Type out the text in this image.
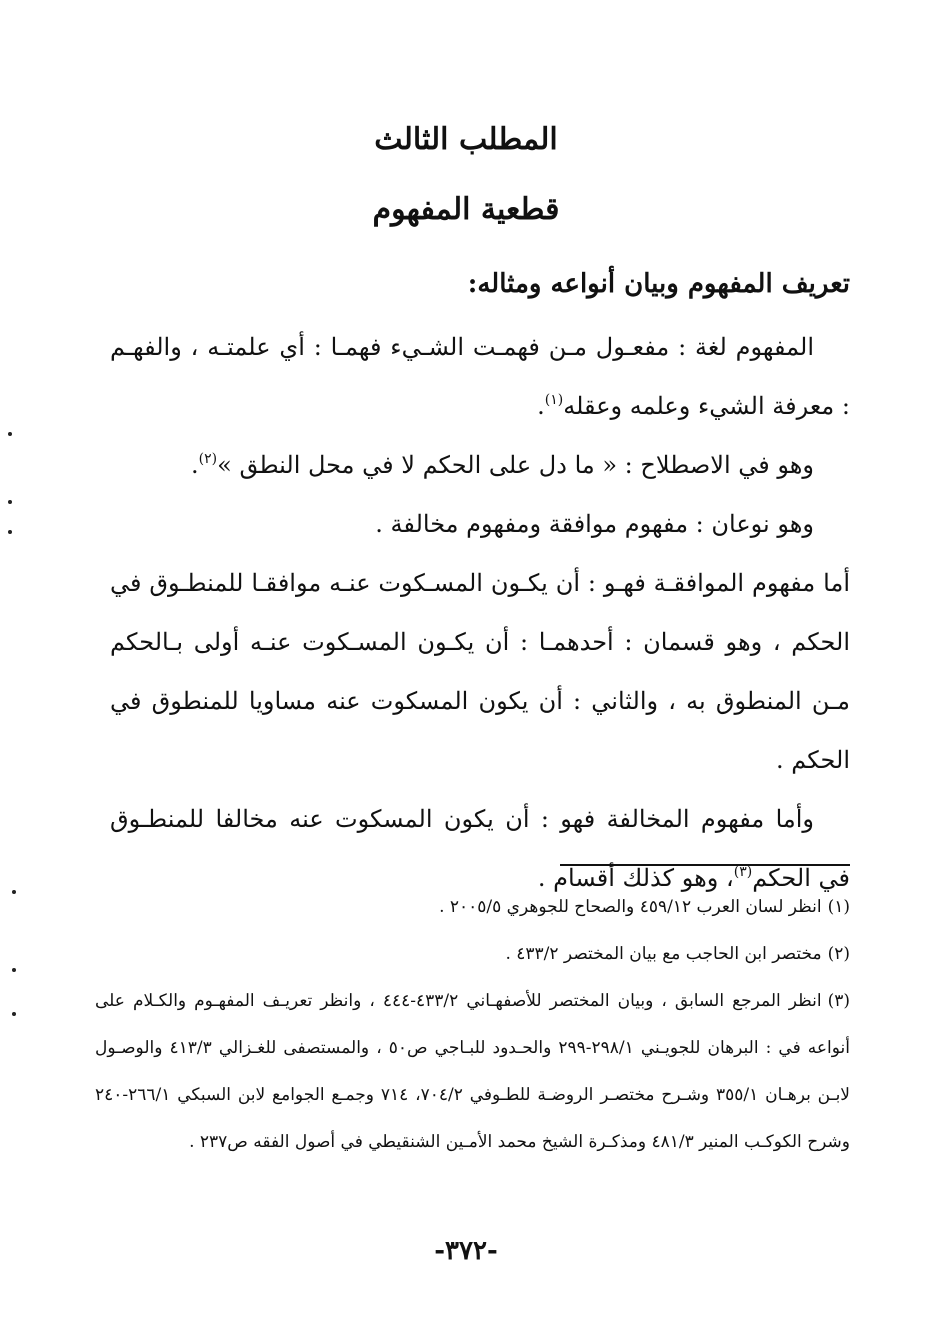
المطلب الثالث
قطعية المفهوم
تعريف المفهوم وبيان أنواعه ومثاله:

المفهوم لغة : مفعـول مـن فهمـت الشـيء فهمـا : أي علمتـه ، والفهـم : معرفة الشيء وعلمه وعقله$^{(١)}$.

وهو في الاصطلاح : « ما دل على الحكم لا في محل النطق »$^{(٢)}$.

وهو نوعان : مفهوم موافقة ومفهوم مخالفة .

أما مفهوم الموافقـة فهـو : أن يكـون المسـكوت عنـه موافقـا للمنطـوق في الحكم ، وهو قسمان : أحدهمـا : أن يكـون المسـكوت عنـه أولى بـالحكم مـن المنطوق به ، والثاني : أن يكون المسكوت عنه مساويا للمنطوق في الحكم .

وأما مفهوم المخالفة فهو : أن يكون المسكوت عنه مخالفا للمنطـوق في الحكم$^{(٣)}$، وهو كذلك أقسام .

(١)انظر لسان العرب ٤٥٩/١٢ والصحاح للجوهري ٢٠٠٥/٥ .

(٢)مختصر ابن الحاجب مع بيان المختصر ٤٣٣/٢ .

(٣)انظر المرجع السابق ، وبيان المختصر للأصفهـاني ٤٣٣/٢-٤٤٤ ، وانظر تعريـف المفهـوم والكـلام على أنواعه في : البرهان للجويـني ٢٩٨/١-٢٩٩ والحـدود للبـاجي ص٥٠ ، والمستصفى للغـزالي ٤١٣/٣ والوصـول لابـن برهـان ٣٥٥/١ وشـرح مختصـر الروضـة للطـوفي ٧٠٤/٢، ٧١٤ وجمـع الجوامع لابن السبكي ٢٦٦/١-٢٤٠ وشرح الكوكـب المنير ٤٨١/٣ ومذكـرة الشيخ محمد الأمـين الشنقيطي في أصول الفقه ص٢٣٧ .

-٣٧٢-
